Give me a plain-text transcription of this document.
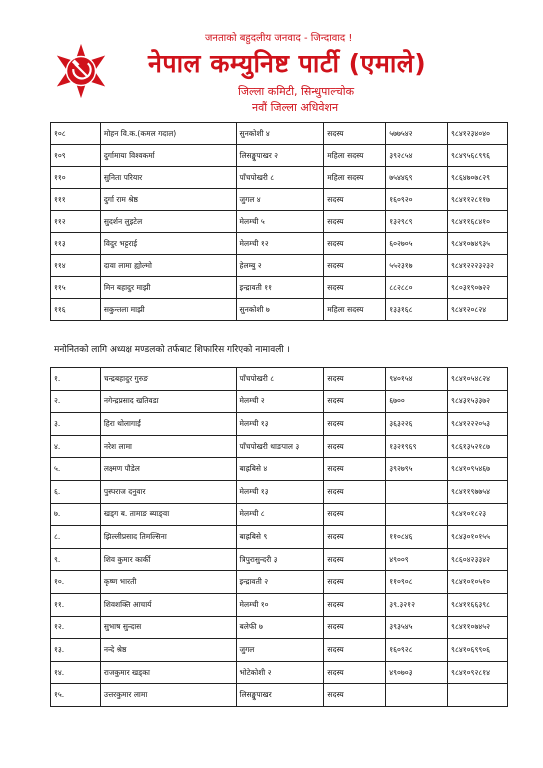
जनताको बहुदलीय जनवाद - जिन्दावाद !
नेपाल कम्युनिष्ट पार्टी (एमाले)
जिल्ला कमिटी, सिन्धुपाल्चोक
नवौं जिल्ला अधिवेशन
१०८	मोहन वि.क.(कमल गदाल)	सुनकोशी ४	सदस्य	५७७५४२	९८४१२३४०४०
१०९	दुर्गामाया विश्वकर्मा	लिसङ्खुपाखर २	महिला सदस्य	३९२८५४	९८४९५६८९९६
११०	सुनिता परियार	पाँचपोखरी ८	महिला सदस्य	७५४४६९	९८६४७०७८२९
१११	दुर्गा राम श्रेष्ठ	जुगल ४	सदस्य	१६०९२०	९८४११२८११७
११२	सुदर्शन लुइटेल	मेलम्ची ५	सदस्य	१३२९८९	९८४११६८४१०
११३	विदुर भट्टराई	मेलम्ची १२	सदस्य	६०२७०५	९८४१०७४९३५
११४	दावा लामा ह्योल्मो	हेलम्बु २	सदस्य	५५२३१७	९८४१२२२३२३२
११५	मिन बहादुर माझी	इन्द्रावती ११	सदस्य	८८२८८०	९८०३१९०७२२
११६	सकुन्तला माझी	सुनकोशी ७	महिला सदस्य	१३३१६८	९८४१२०८२४
मनोनितको लागि अध्यक्ष मण्डलको तर्फबाट शिफारिस गरिएको नामावली ।
१.	चन्द्रबहादुर गुरुङ	पाँचपोखरी ८	सदस्य	९४०१५४	९८४१०५४८२४
२.	नगेन्द्रप्रसाद खतिवडा	मेलम्ची २	सदस्य	६७००	९८४३१५३३७२
३.	हिरा थोलागाईं	मेलम्ची १३	सदस्य	३६३२२६	९८४१२२२०५३
४.	नरेश लामा	पाँचपोखरी थाङपाल ३	सदस्य	१३२१९६९	९८६१३५२१८७
५.	लक्ष्मण पौडेल	बाह्रबिसे ४	सदस्य	३९२७९५	९८४१०९५४६७
६.	पुस्पराज दनुवार	मेलम्ची १३	सदस्य		९८४११९७७५४
७.	खड्ग ब. तामाङ ब्याङ्वा	मेलम्ची ८	सदस्य		९८४१०१८२३
८.	झिल्लीप्रसाद तिमल्सिना	बाह्रबिसे ९	सदस्य	११०८४६	९८४३०१०१५५
९.	शिव कुमार कार्की	त्रिपुरासुन्दरी ३	सदस्य	४९००९	९८६०४२३३४२
१०.	कृष्ण भारती	इन्द्रावती २	सदस्य	११०९०८	९८४१०१०५१०
११.	शिवशक्ति आचार्य	मेलम्ची १०	सदस्य	३९.३२१२	९८४११६६३९८
१२.	सुभाष सुन्दास	बलेफी ७	सदस्य	३९३५४५	९८४११०७४५२
१३.	नन्दे श्रेष्ठ	जुगल	सदस्य	१६०९२८	९८४१०६९९०६
१४.	राजकुमार खड्का	भोटेकोशी २	सदस्य	४९०७०३	९८४१०९२८१४
१५.	उत्तरकुमार लामा	लिसङ्खुपाखर	सदस्य		
